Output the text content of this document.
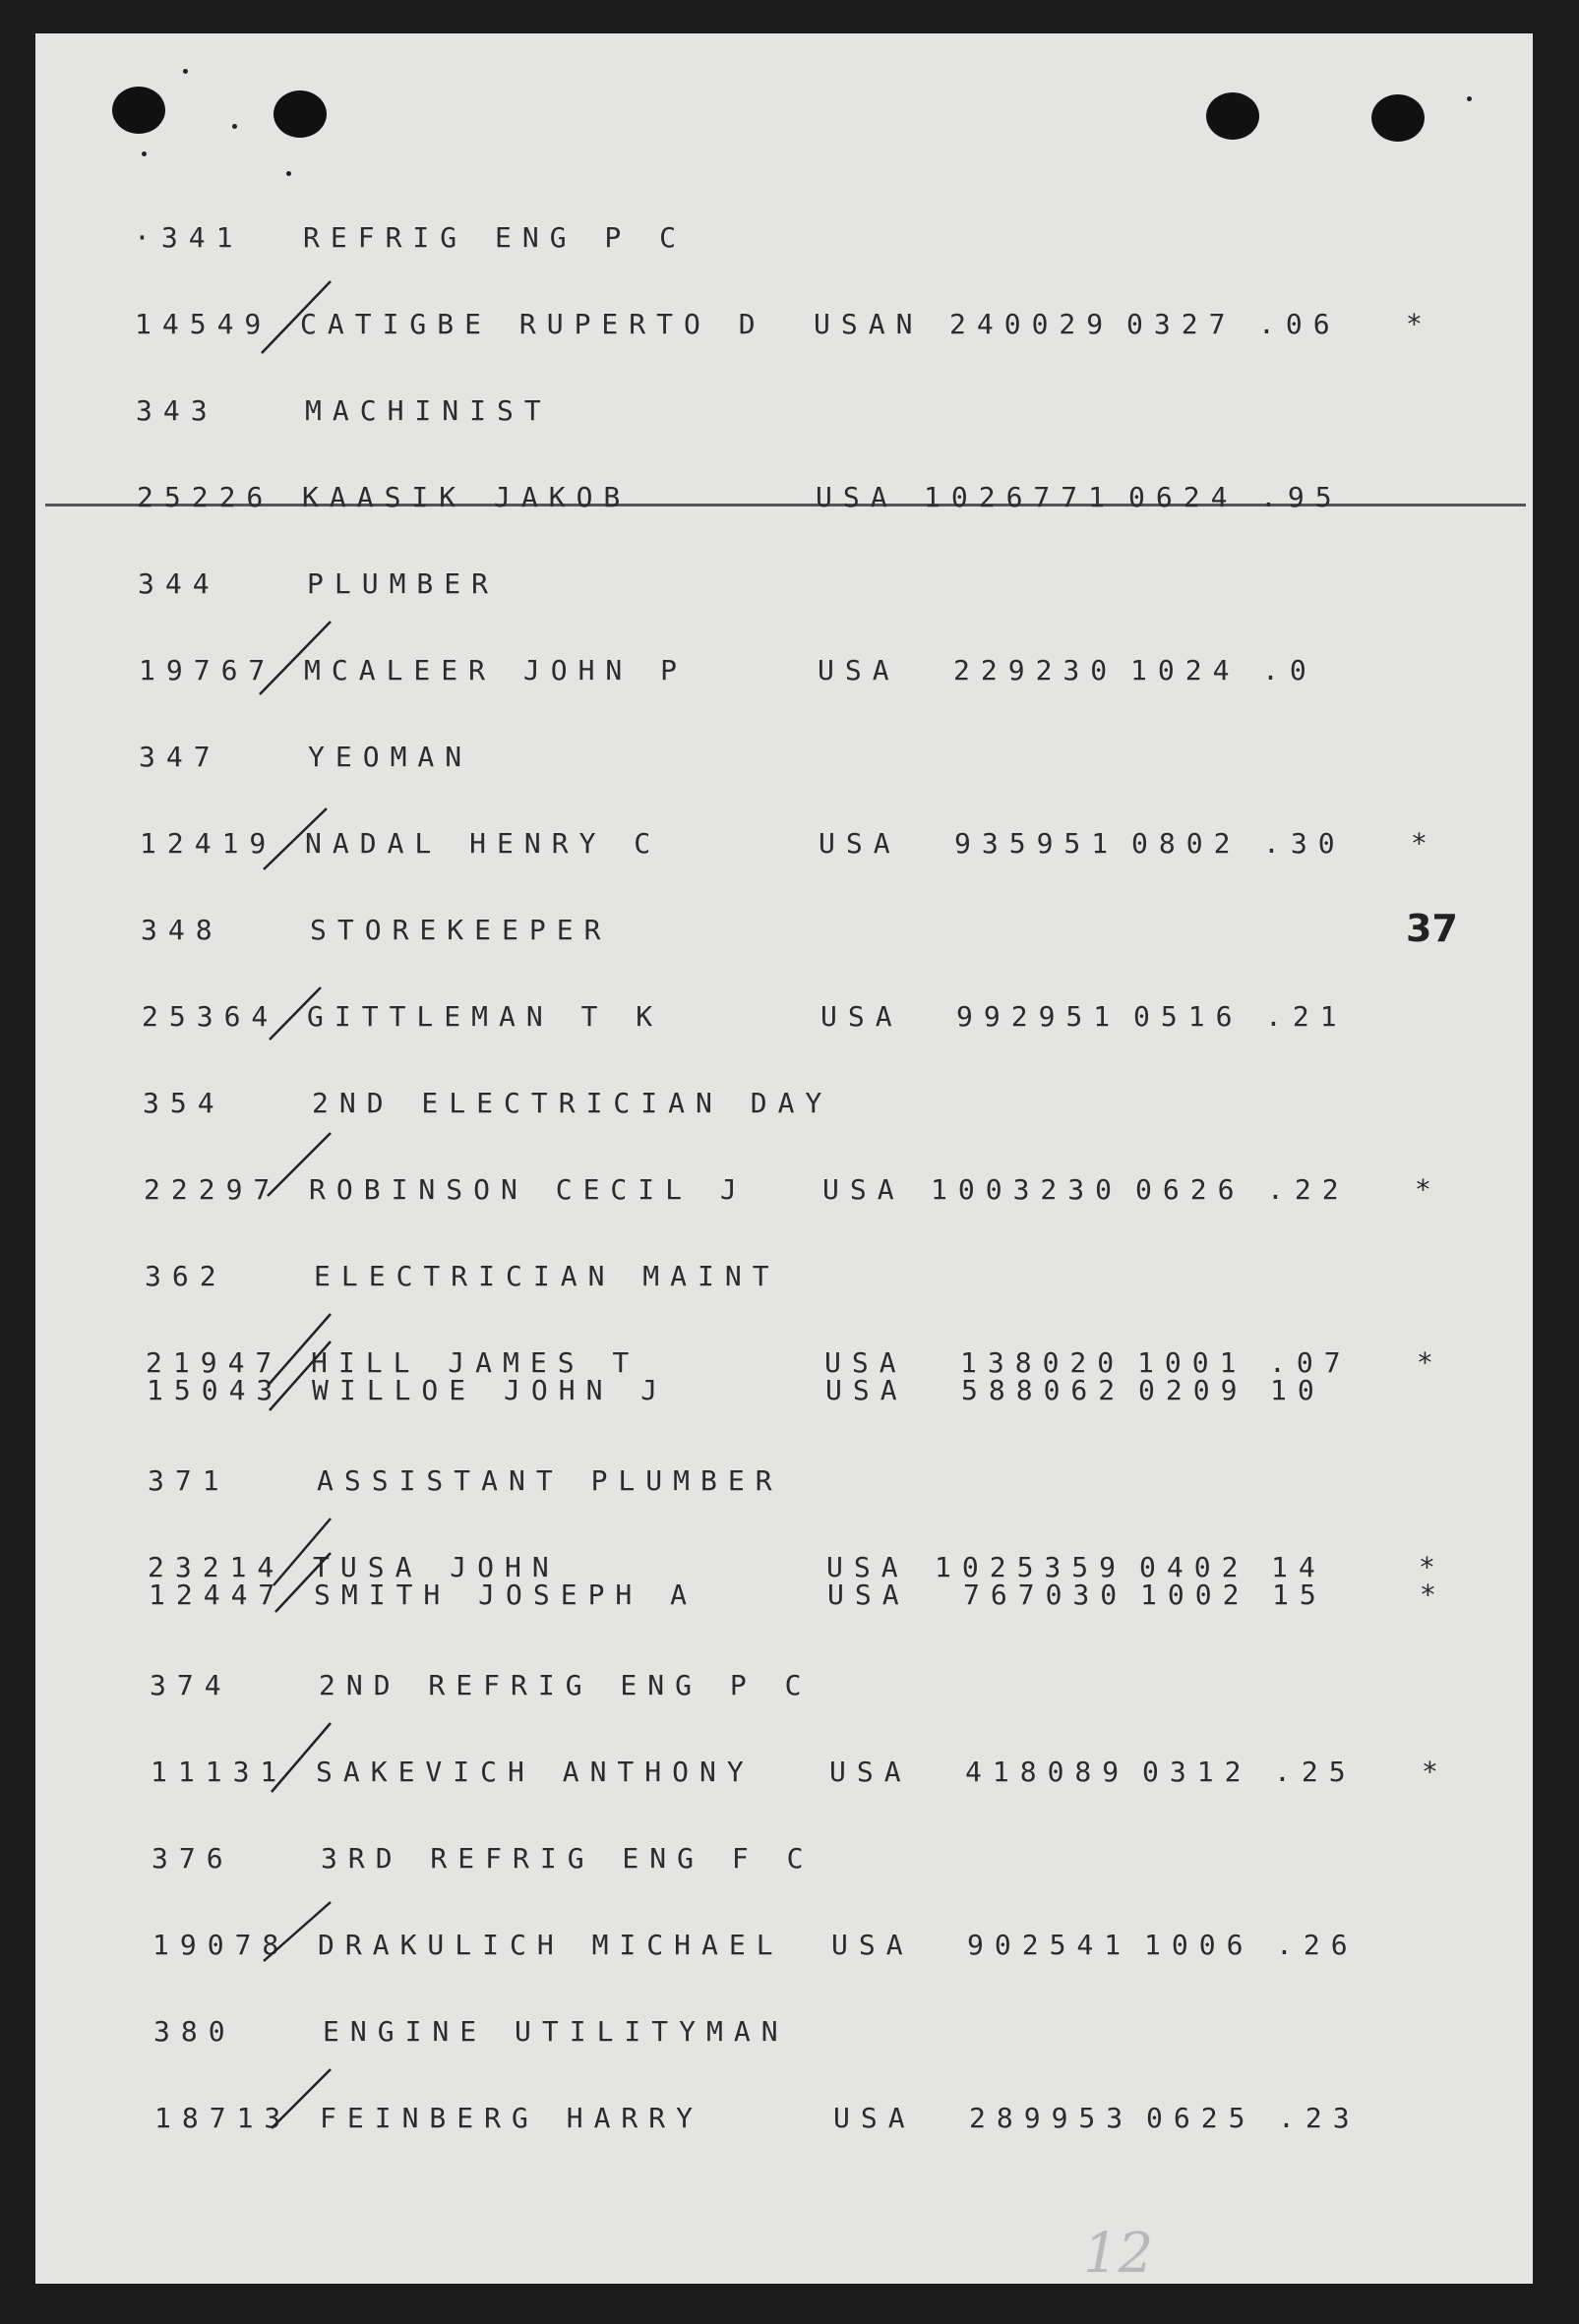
·341 REFRIG ENG P C
14549 CATIGBE RUPERTO D USAN 240029 0327 .06 *
343	MACHINIST
25226 KAASIK JAKOB	USA 1026771 0624 .95
344	PLUMBER
19767 MCALEER JOHN P	USA 229230 1024 .0
347	YEOMAN
12419 NADAL HENRY C	USA 935951 0802 .30 *
348	STOREKEEPER
25364 GITTLEMAN T K	USA 992951 0516 .21
354	2ND ELECTRICIAN DAY
22297 ROBINSON CECIL J	USA 1003230 0626 .22 *
362	ELECTRICIAN MAINT
21947 HILL JAMES T	USA 138020 1001 .07 *
15043 WILLOE JOHN J	USA 588062 0209 10
371	ASSISTANT PLUMBER
23214 TUSA JOHN	USA 1025359 0402 14	*
12447 SMITH JOSEPH A	USA 767030 1002 15	*
374	2ND REFRIG ENG P C
11131 SAKEVICH ANTHONY	USA 418089 0312 .25 *
376	3RD REFRIG ENG F C
19078 DRAKULICH MICHAEL USA 902541 1006 .26
380	ENGINE UTILITYMAN
18713 FEINBERG HARRY	USA 289953 0625 .23
37
12
